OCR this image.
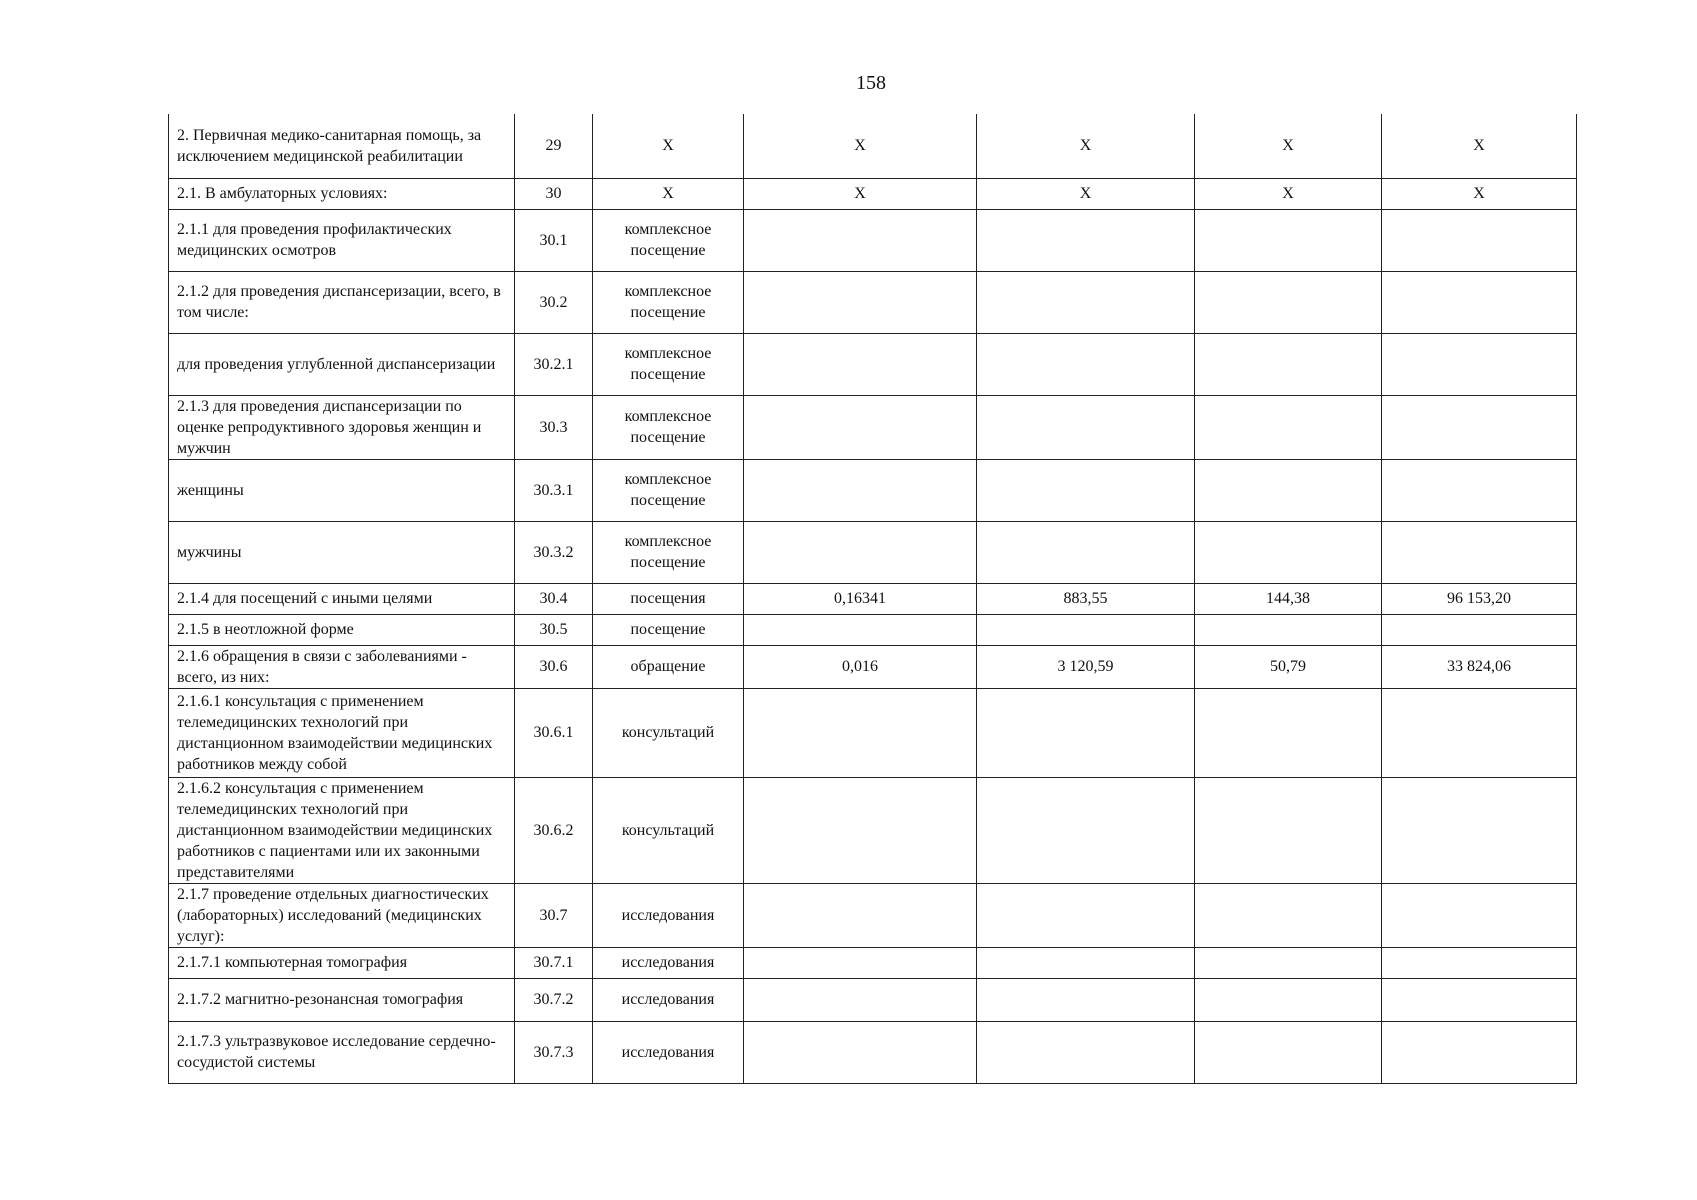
158
2. Первичная медико-санитарная помощь, за исключением медицинской реабилитации	29	Х	Х	Х	Х	Х
2.1. В амбулаторных условиях:	30	Х	Х	Х	Х	Х
2.1.1 для проведения профилактических медицинских осмотров	30.1	комплексное посещение				
2.1.2 для проведения диспансеризации, всего, в том числе:	30.2	комплексное посещение				
для проведения углубленной диспансеризации	30.2.1	комплексное посещение				
2.1.3 для проведения диспансеризации по оценке репродуктивного здоровья женщин и мужчин	30.3	комплексное посещение				
женщины	30.3.1	комплексное посещение				
мужчины	30.3.2	комплексное посещение				
2.1.4 для посещений с иными целями	30.4	посещения	0,16341	883,55	144,38	96 153,20
2.1.5 в неотложной форме	30.5	посещение				
2.1.6 обращения в связи с заболеваниями - всего, из них:	30.6	обращение	0,016	3 120,59	50,79	33 824,06
2.1.6.1 консультация с применением телемедицинских технологий при дистанционном взаимодействии медицинских работников между собой	30.6.1	консультаций				
2.1.6.2 консультация с применением телемедицинских технологий при дистанционном взаимодействии медицинских работников с пациентами или их законными представителями	30.6.2	консультаций				
2.1.7 проведение отдельных диагностических (лабораторных) исследований (медицинских услуг):	30.7	исследования				
2.1.7.1 компьютерная томография	30.7.1	исследования				
2.1.7.2 магнитно-резонансная томография	30.7.2	исследования				
2.1.7.3 ультразвуковое исследование сердечно-сосудистой системы	30.7.3	исследования				
